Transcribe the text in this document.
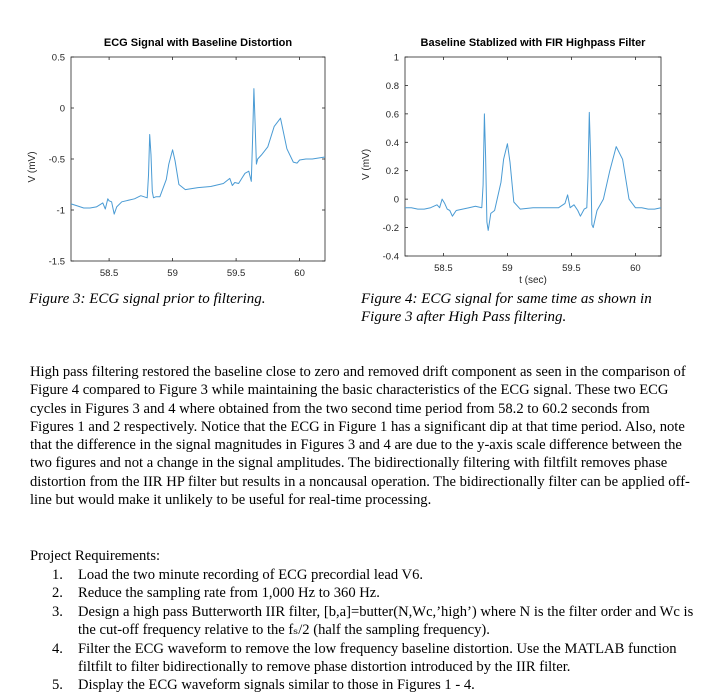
0.5
0
-0.5
-1
-1.5
58.5	59	59.5	60
ECG Signal with Baseline Distortion
V (mV)
1
0.8
0.6
0.4
0.2
0
-0.2
-0.4
58.5	59	59.5	60
Baseline Stablized with FIR Highpass Filter
V (mV)
t (sec)
Figure 3: ECG signal prior to filtering.	Figure 4: ECG signal for same time as shown in Figure 3 after High Pass filtering.

High pass filtering restored the baseline close to zero and removed drift component as seen in the comparison of Figure 4 compared to Figure 3 while maintaining the basic characteristics of the ECG signal. These two ECG cycles in Figures 3 and 4 where obtained from the two second time period from 58.2 to 60.2 seconds from Figures 1 and 2 respectively. Notice that the ECG in Figure 1 has a significant dip at that time period. Also, note that the difference in the signal magnitudes in Figures 3 and 4 are due to the y-axis scale difference between the two figures and not a change in the signal amplitudes. The bidirectionally filtering with filtfilt removes phase distortion from the IIR HP filter but results in a noncausal operation. The bidirectionally filter can be applied off-line but would make it unlikely to be useful for real-time processing.

Project Requirements:
1. Load the two minute recording of ECG precordial lead V6.
2. Reduce the sampling rate from 1,000 Hz to 360 Hz.
3. Design a high pass Butterworth IIR filter, [b,a]=butter(N,Wc,’high’) where N is the filter order and Wc is the cut-off frequency relative to the fₛ/2 (half the sampling frequency).
4. Filter the ECG waveform to remove the low frequency baseline distortion. Use the MATLAB function filtfilt to filter bidirectionally to remove phase distortion introduced by the IIR filter.
5. Display the ECG waveform signals similar to those in Figures 1 - 4.
